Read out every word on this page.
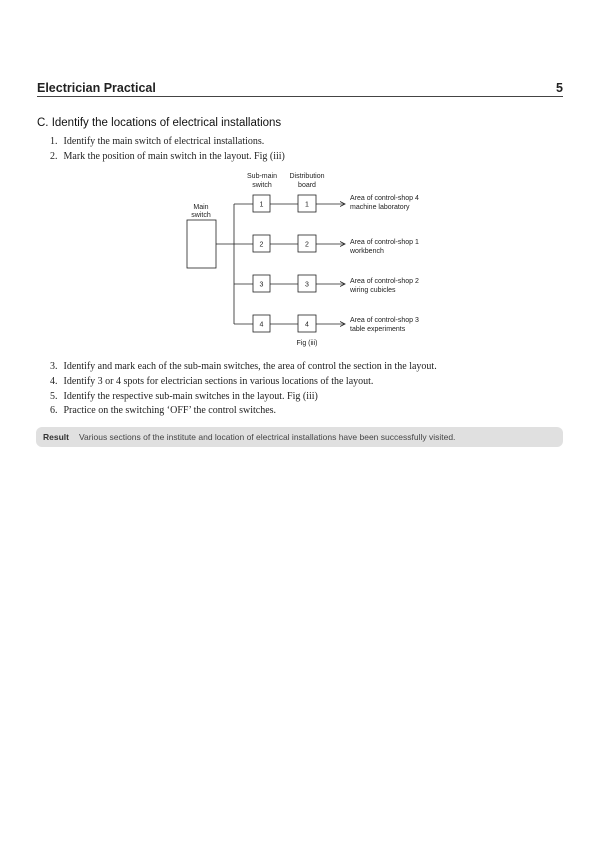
Electrician Practical	5
C. Identify the locations of electrical installations
1. Identify the main switch of electrical installations.
2. Mark the position of main switch in the layout. Fig (iii)
Sub-main
switch
Distribution
board
Main
switch
1	1
Area of control-shop 4
machine laboratory
2	2	Area of control-shop 1
workbench
3	3	Area of control-shop 2
wiring cubicles
4	4
Area of control-shop 3
table experiments
Fig (iii)
3. Identify and mark each of the sub-main switches, the area of control the section in the layout.
4. Identify 3 or 4 spots for electrician sections in various locations of the layout.
5. Identify the respective sub-main switches in the layout. Fig (iii)
6. Practice on the switching ‘OFF’ the control switches.
Result Various sections of the institute and location of electrical installations have been successfully visited.
